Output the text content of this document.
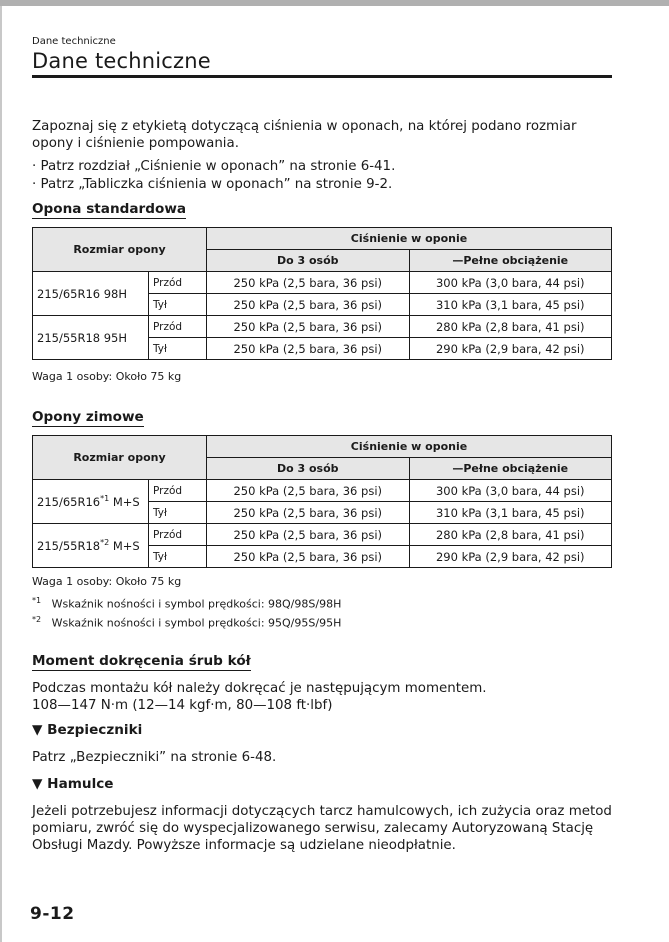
Dane techniczne
Dane techniczne
Zapoznaj się z etykietą dotyczącą ciśnienia w oponach, na której podano rozmiar opony i ciśnienie pompowania.
· Patrz rozdział „Ciśnienie w oponach” na stronie 6-41.
· Patrz „Tabliczka ciśnienia w oponach” na stronie 9-2.
Opona standardowa
Rozmiar opony		Ciśnienie w oponie	
		Do 3 osób	—Pełne obciążenie
215/65R16 98H	Przód	250 kPa (2,5 bara, 36 psi)	300 kPa (3,0 bara, 44 psi)
	Tył	250 kPa (2,5 bara, 36 psi)	310 kPa (3,1 bara, 45 psi)
215/55R18 95H	Przód	250 kPa (2,5 bara, 36 psi)	280 kPa (2,8 bara, 41 psi)
	Tył	250 kPa (2,5 bara, 36 psi)	290 kPa (2,9 bara, 42 psi)
Waga 1 osoby: Około 75 kg
Opony zimowe
Rozmiar opony		Ciśnienie w oponie	
		Do 3 osób	—Pełne obciążenie
215/65R16$^{*1}$ M+S	Przód	250 kPa (2,5 bara, 36 psi)	300 kPa (3,0 bara, 44 psi)
	Tył	250 kPa (2,5 bara, 36 psi)	310 kPa (3,1 bara, 45 psi)
215/55R18$^{*2}$ M+S	Przód	250 kPa (2,5 bara, 36 psi)	280 kPa (2,8 bara, 41 psi)
	Tył	250 kPa (2,5 bara, 36 psi)	290 kPa (2,9 bara, 42 psi)
Waga 1 osoby: Około 75 kg
$^{*1}$ Wskaźnik nośności i symbol prędkości: 98Q/98S/98H
$^{*2}$ Wskaźnik nośności i symbol prędkości: 95Q/95S/95H
Moment dokręcenia śrub kół
Podczas montażu kół należy dokręcać je następującym momentem.
108—147 N·m (12—14 kgf·m, 80—108 ft·lbf)
▼ Bezpieczniki
Patrz „Bezpieczniki” na stronie 6-48.
▼ Hamulce
Jeżeli potrzebujesz informacji dotyczących tarcz hamulcowych, ich zużycia oraz metod pomiaru, zwróć się do wyspecjalizowanego serwisu, zalecamy Autoryzowaną Stację Obsługi Mazdy. Powyższe informacje są udzielane nieodpłatnie.
9-12
